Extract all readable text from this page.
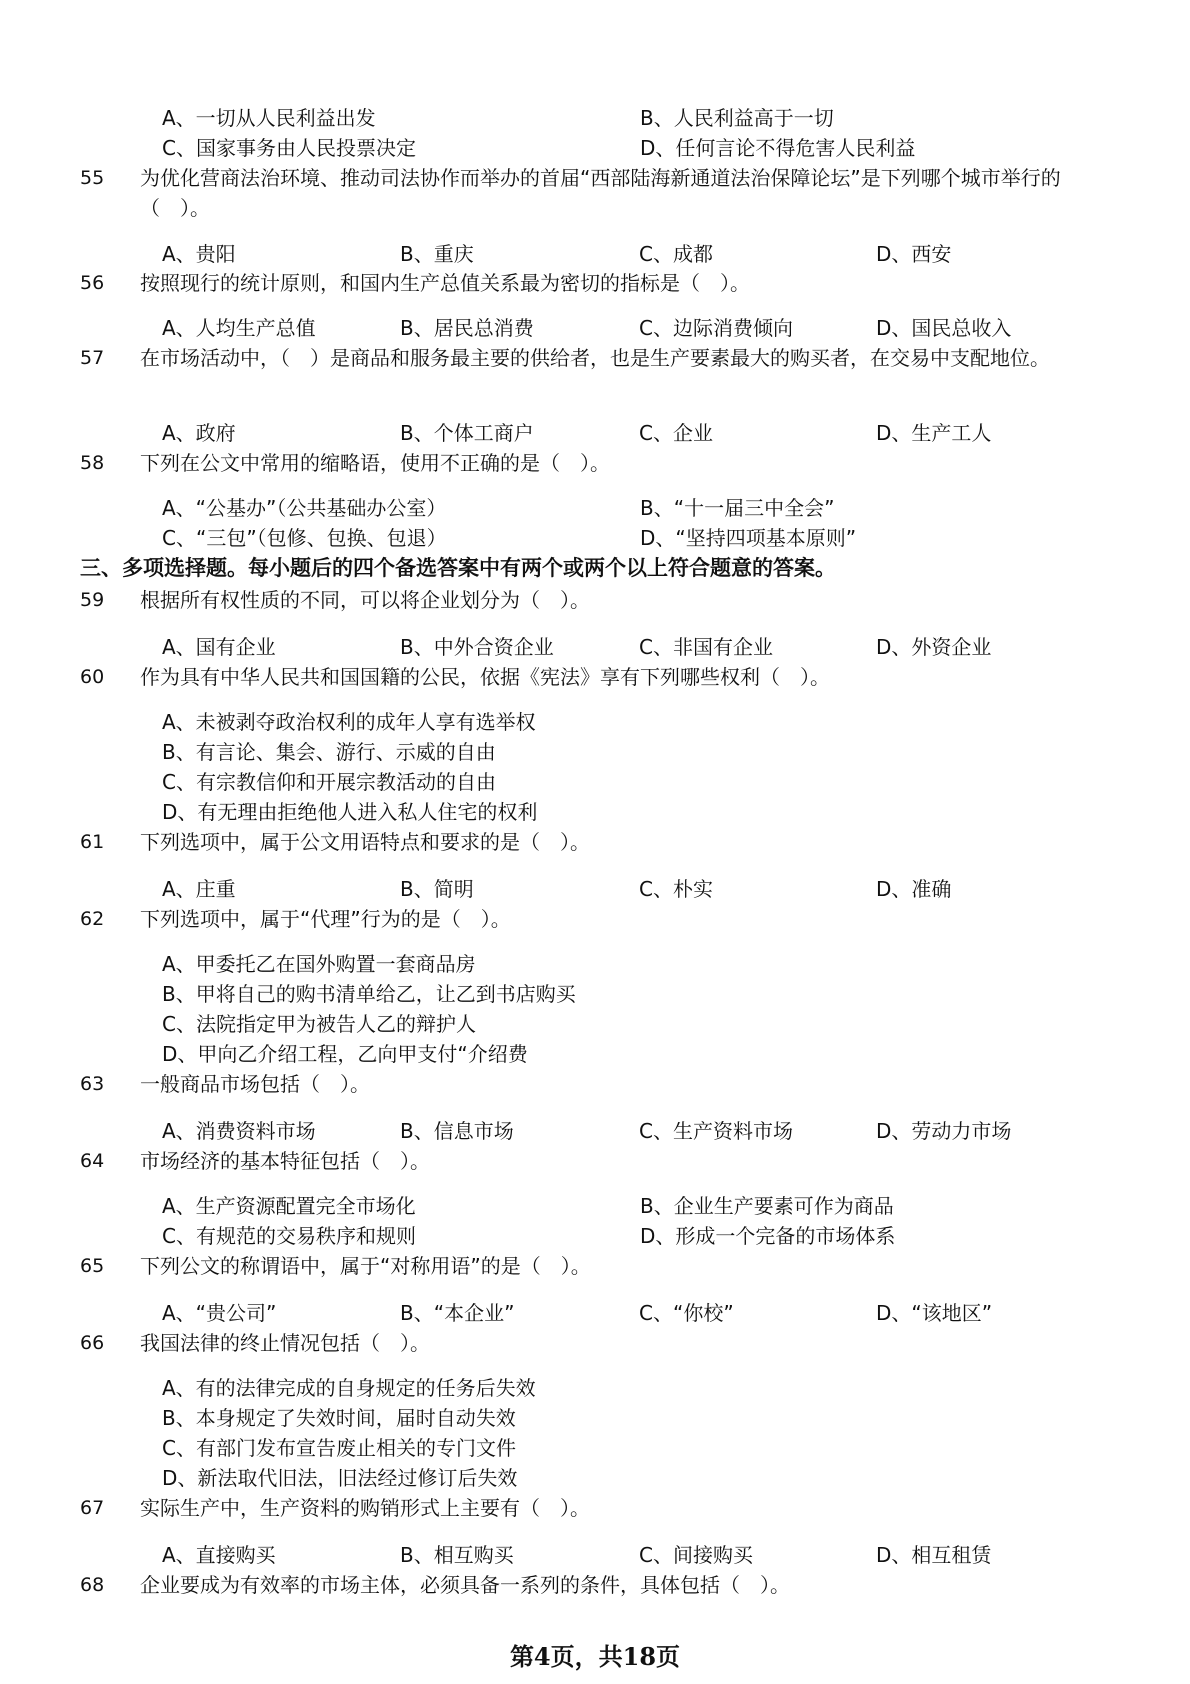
A、一切从人民利益出发	B、人民利益高于一切
C、国家事务由人民投票决定	D、任何言论不得危害人民利益
55 为优化营商法治环境、推动司法协作而举办的首届“西部陆海新通道法治保障论坛”是下列哪个城市举行的（　）。
A、贵阳	B、重庆	C、成都	D、西安
56 按照现行的统计原则，和国内生产总值关系最为密切的指标是（　）。
A、人均生产总值	B、居民总消费	C、边际消费倾向	D、国民总收入
57 在市场活动中，（　）是商品和服务最主要的供给者，也是生产要素最大的购买者，在交易中支配地位。
A、政府	B、个体工商户	C、企业	D、生产工人
58 下列在公文中常用的缩略语，使用不正确的是（　）。
A、“公基办”（公共基础办公室）	B、“十一届三中全会”
C、“三包”（包修、包换、包退）	D、“坚持四项基本原则”
三、多项选择题。每小题后的四个备选答案中有两个或两个以上符合题意的答案。
59 根据所有权性质的不同，可以将企业划分为（　）。
A、国有企业	B、中外合资企业	C、非国有企业	D、外资企业
60 作为具有中华人民共和国国籍的公民，依据《宪法》享有下列哪些权利（　）。
A、未被剥夺政治权利的成年人享有选举权
B、有言论、集会、游行、示威的自由
C、有宗教信仰和开展宗教活动的自由
D、有无理由拒绝他人进入私人住宅的权利
61 下列选项中，属于公文用语特点和要求的是（　）。
A、庄重	B、简明	C、朴实	D、准确
62 下列选项中，属于“代理”行为的是（　）。
A、甲委托乙在国外购置一套商品房
B、甲将自己的购书清单给乙，让乙到书店购买
C、法院指定甲为被告人乙的辩护人
D、甲向乙介绍工程，乙向甲支付“介绍费
63 一般商品市场包括（　）。
A、消费资料市场	B、信息市场	C、生产资料市场	D、劳动力市场
64 市场经济的基本特征包括（　）。
A、生产资源配置完全市场化	B、企业生产要素可作为商品
C、有规范的交易秩序和规则	D、形成一个完备的市场体系
65 下列公文的称谓语中，属于“对称用语”的是（　）。
A、“贵公司”	B、“本企业”	C、“你校”	D、“该地区”
66 我国法律的终止情况包括（　）。
A、有的法律完成的自身规定的任务后失效
B、本身规定了失效时间，届时自动失效
C、有部门发布宣告废止相关的专门文件
D、新法取代旧法，旧法经过修订后失效
67 实际生产中，生产资料的购销形式上主要有（　）。
A、直接购买	B、相互购买	C、间接购买	D、相互租赁
68 企业要成为有效率的市场主体，必须具备一系列的条件，具体包括（　）。
第4页，共18页
